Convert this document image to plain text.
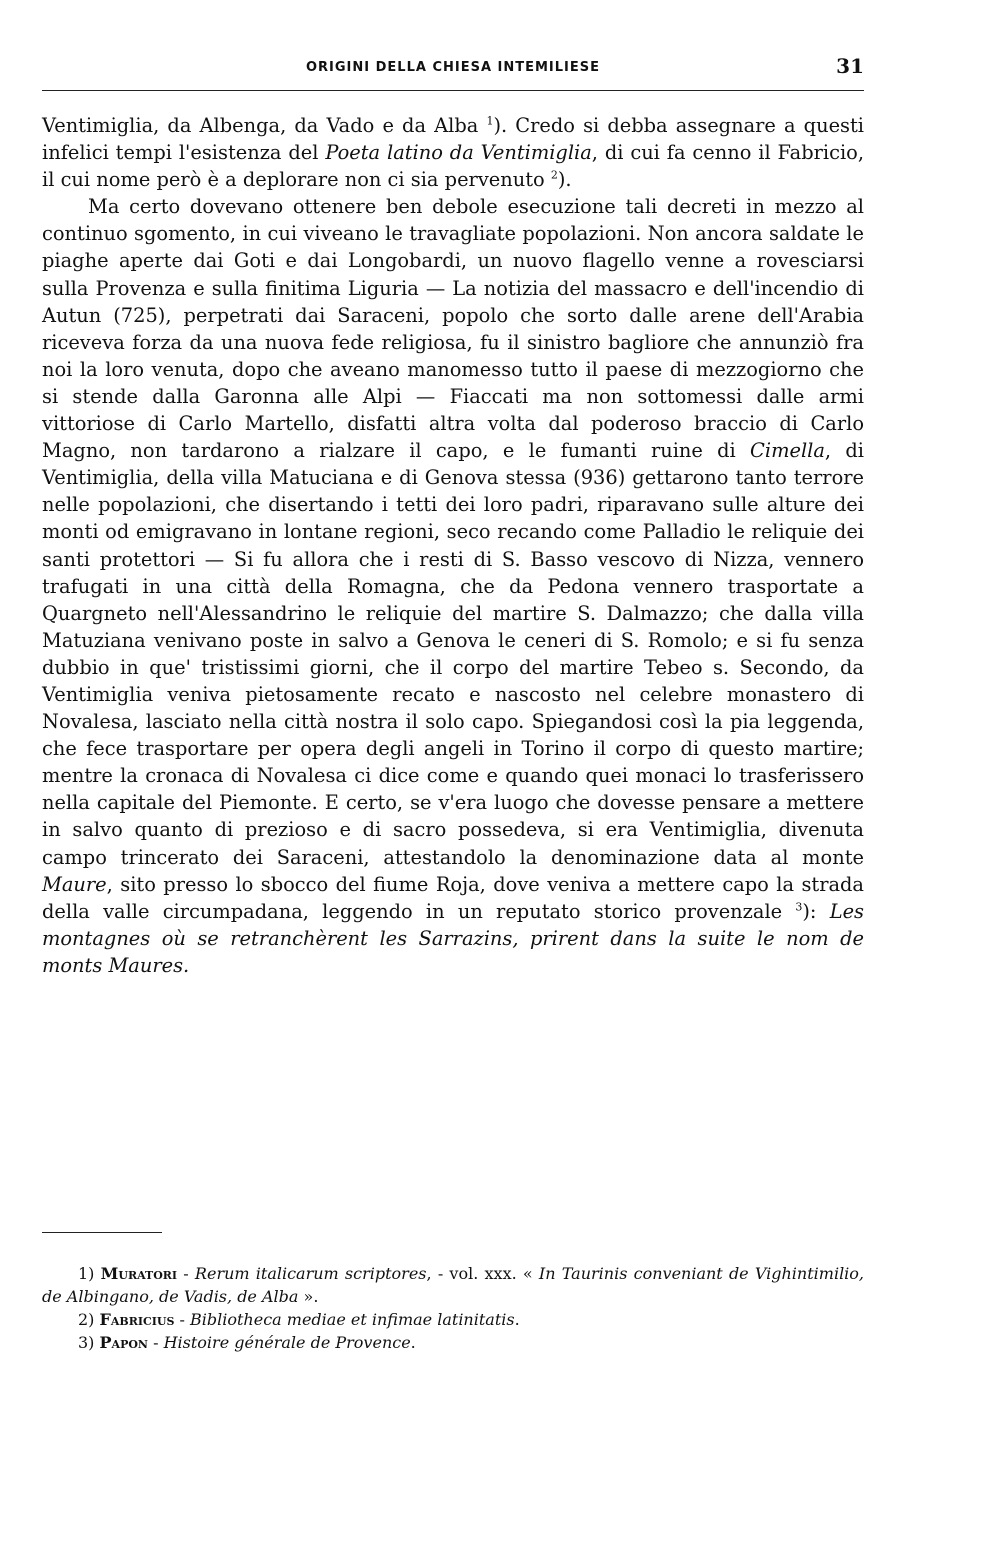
ORIGINI DELLA CHIESA INTEMILIESE	31

Ventimiglia, da Albenga, da Vado e da Alba $^1$). Credo si debba assegnare a questi infelici tempi l'esistenza del Poeta latino da Ventimiglia, di cui fa cenno il Fabricio, il cui nome però è a deplorare non ci sia pervenuto $^2$).

Ma certo dovevano ottenere ben debole esecuzione tali decreti in mezzo al continuo sgomento, in cui viveano le travagliate popolazioni. Non ancora saldate le piaghe aperte dai Goti e dai Longobardi, un nuovo flagello venne a rovesciarsi sulla Provenza e sulla finitima Liguria — La notizia del massacro e dell'incendio di Autun (725), perpetrati dai Saraceni, popolo che sorto dalle arene dell'Arabia riceveva forza da una nuova fede religiosa, fu il sinistro bagliore che annunziò fra noi la loro venuta, dopo che aveano manomesso tutto il paese di mezzogiorno che si stende dalla Garonna alle Alpi — Fiaccati ma non sottomessi dalle armi vittoriose di Carlo Martello, disfatti altra volta dal poderoso braccio di Carlo Magno, non tardarono a rialzare il capo, e le fumanti ruine di Cimella, di Ventimiglia, della villa Matuciana e di Genova stessa (936) gettarono tanto terrore nelle popolazioni, che disertando i tetti dei loro padri, riparavano sulle alture dei monti od emigravano in lontane regioni, seco recando come Palladio le reliquie dei santi protettori — Si fu allora che i resti di S. Basso vescovo di Nizza, vennero trafugati in una città della Romagna, che da Pedona vennero trasportate a Quargneto nell'Alessandrino le reliquie del martire S. Dalmazzo; che dalla villa Matuziana venivano poste in salvo a Genova le ceneri di S. Romolo; e si fu senza dubbio in que' tristissimi giorni, che il corpo del martire Tebeo s. Secondo, da Ventimiglia veniva pietosamente recato e nascosto nel celebre monastero di Novalesa, lasciato nella città nostra il solo capo. Spiegandosi così la pia leggenda, che fece trasportare per opera degli angeli in Torino il corpo di questo martire; mentre la cronaca di Novalesa ci dice come e quando quei monaci lo trasferissero nella capitale del Piemonte. E certo, se v'era luogo che dovesse pensare a mettere in salvo quanto di prezioso e di sacro possedeva, si era Ventimiglia, divenuta campo trincerato dei Saraceni, attestandolo la denominazione data al monte Maure, sito presso lo sbocco del fiume Roja, dove veniva a mettere capo la strada della valle circumpadana, leggendo in un reputato storico provenzale $^3$): Les montagnes où se retranchèrent les Sarrazins, prirent dans la suite le nom de monts Maures.

1) Muratori - Rerum italicarum scriptores, - vol. xxx. « In Taurinis conveniant de Vighintimilio, de Albingano, de Vadis, de Alba ».

2) Fabricius - Bibliotheca mediae et infimae latinitatis.

3) Papon - Histoire générale de Provence.
